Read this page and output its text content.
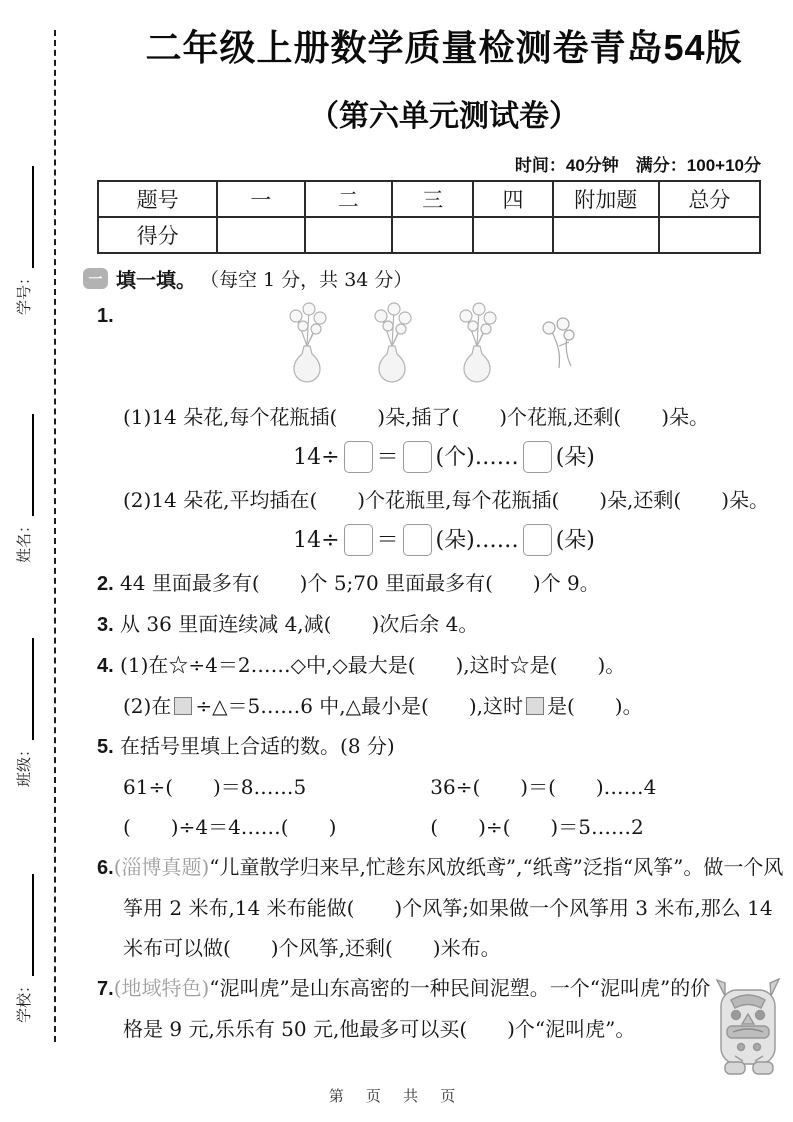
学号：
姓名：
班级：
学校：
二年级上册数学质量检测卷青岛54版
（第六单元测试卷）
时间：40分钟　满分：100+10分
题号	一	二	三	四	附加题	总分
得分						
一 填一填。 （每空 1 分，共 34 分）
1.
(1)14 朵花,每个花瓶插(　　)朵,插了(　　)个花瓶,还剩(　　)朵。
14÷ ＝ (个)…… (朵)
(2)14 朵花,平均插在(　　)个花瓶里,每个花瓶插(　　)朵,还剩(　　)朵。
14÷ ＝ (朵)…… (朵)
2. 44 里面最多有(　　)个 5;70 里面最多有(　　)个 9。
3. 从 36 里面连续减 4,减(　　)次后余 4。
4. (1)在☆÷4＝2……◇中,◇最大是(　　),这时☆是(　　)。
(2)在 ÷△＝5……6 中,△最小是(　　),这时 是(　　)。
5. 在括号里填上合适的数。(8 分)
61÷(　　)＝8……5	36÷(　　)＝(　　)……4
(　　)÷4＝4……(　　)	(　　)÷(　　)＝5……2
6.(淄博真题)“儿童散学归来早,忙趁东风放纸鸢”,“纸鸢”泛指“风筝”。做一个风筝用 2 米布,14 米布能做(　　)个风筝;如果做一个风筝用 3 米布,那么 14 米布可以做(　　)个风筝,还剩(　　)米布。
7.(地域特色)“泥叫虎”是山东高密的一种民间泥塑。一个“泥叫虎”的价格是 9 元,乐乐有 50 元,他最多可以买(　　)个“泥叫虎”。
第 页 共 页
